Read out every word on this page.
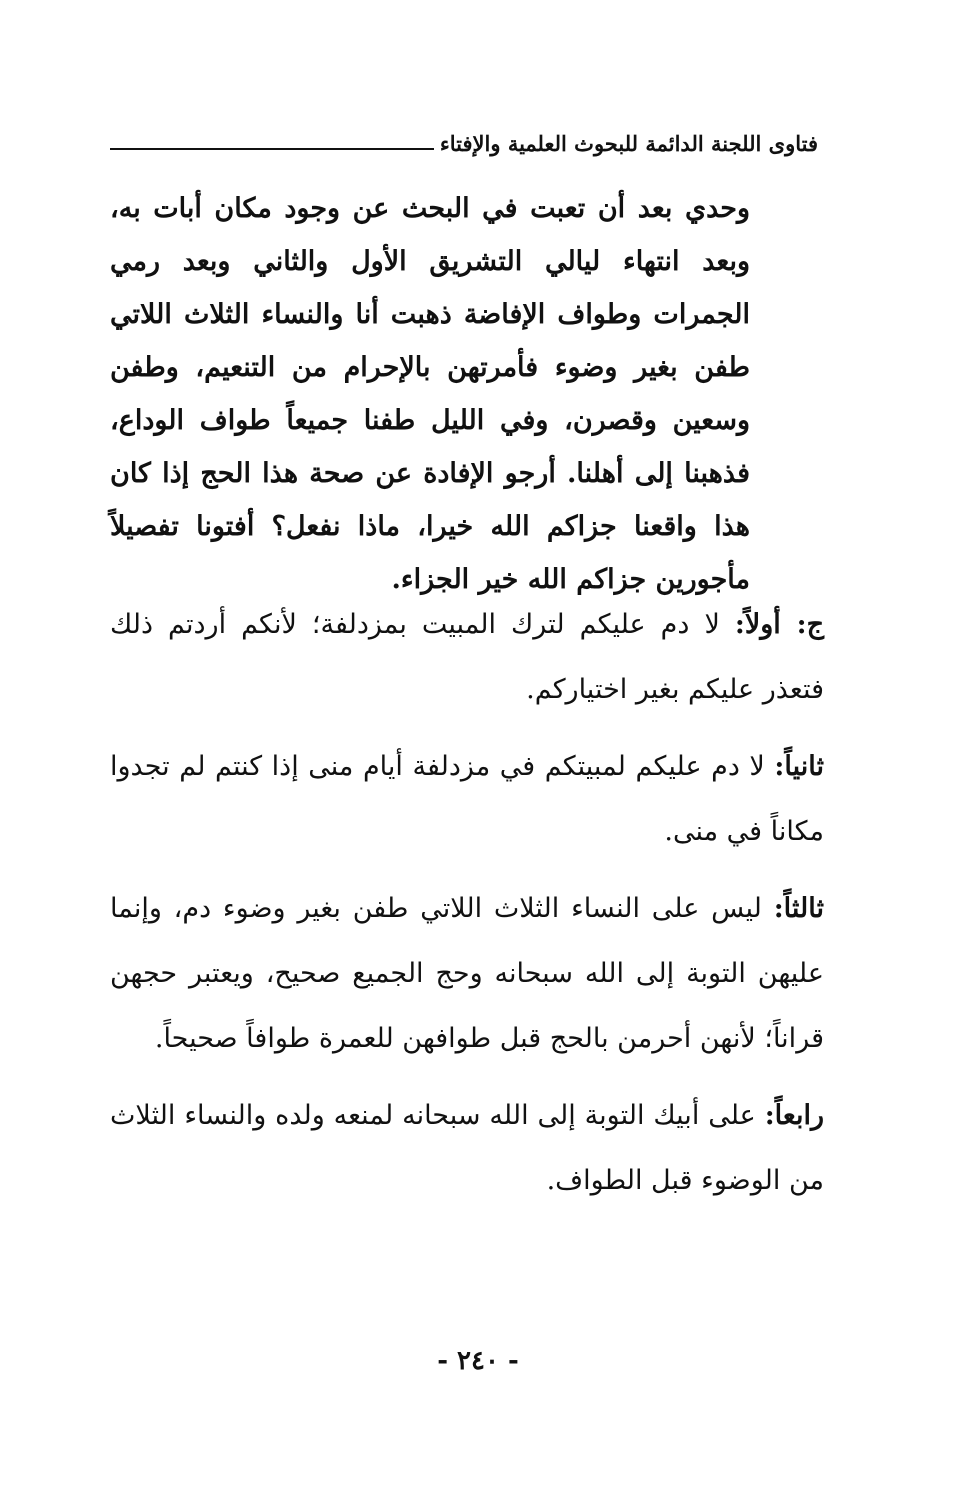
فتاوى اللجنة الدائمة للبحوث العلمية والإفتاء
وحدي بعد أن تعبت في البحث عن وجود مكان أبات به، وبعد انتهاء ليالي التشريق الأول والثاني وبعد رمي الجمرات وطواف الإفاضة ذهبت أنا والنساء الثلاث اللاتي طفن بغير وضوء فأمرتهن بالإحرام من التنعيم، وطفن وسعين وقصرن، وفي الليل طفنا جميعاً طواف الوداع، فذهبنا إلى أهلنا. أرجو الإفادة عن صحة هذا الحج إذا كان هذا واقعنا جزاكم الله خيرا، ماذا نفعل؟ أفتونا تفصيلاً مأجورين جزاكم الله خير الجزاء.

ج: أولاً: لا دم عليكم لترك المبيت بمزدلفة؛ لأنكم أردتم ذلك فتعذر عليكم بغير اختياركم.

ثانياً: لا دم عليكم لمبيتكم في مزدلفة أيام منى إذا كنتم لم تجدوا مكاناً في منى.

ثالثاً: ليس على النساء الثلاث اللاتي طفن بغير وضوء دم، وإنما عليهن التوبة إلى الله سبحانه وحج الجميع صحيح، ويعتبر حجهن قراناً؛ لأنهن أحرمن بالحج قبل طوافهن للعمرة طوافاً صحيحاً.

رابعاً: على أبيك التوبة إلى الله سبحانه لمنعه ولده والنساء الثلاث من الوضوء قبل الطواف.

- ٢٤٠ -
